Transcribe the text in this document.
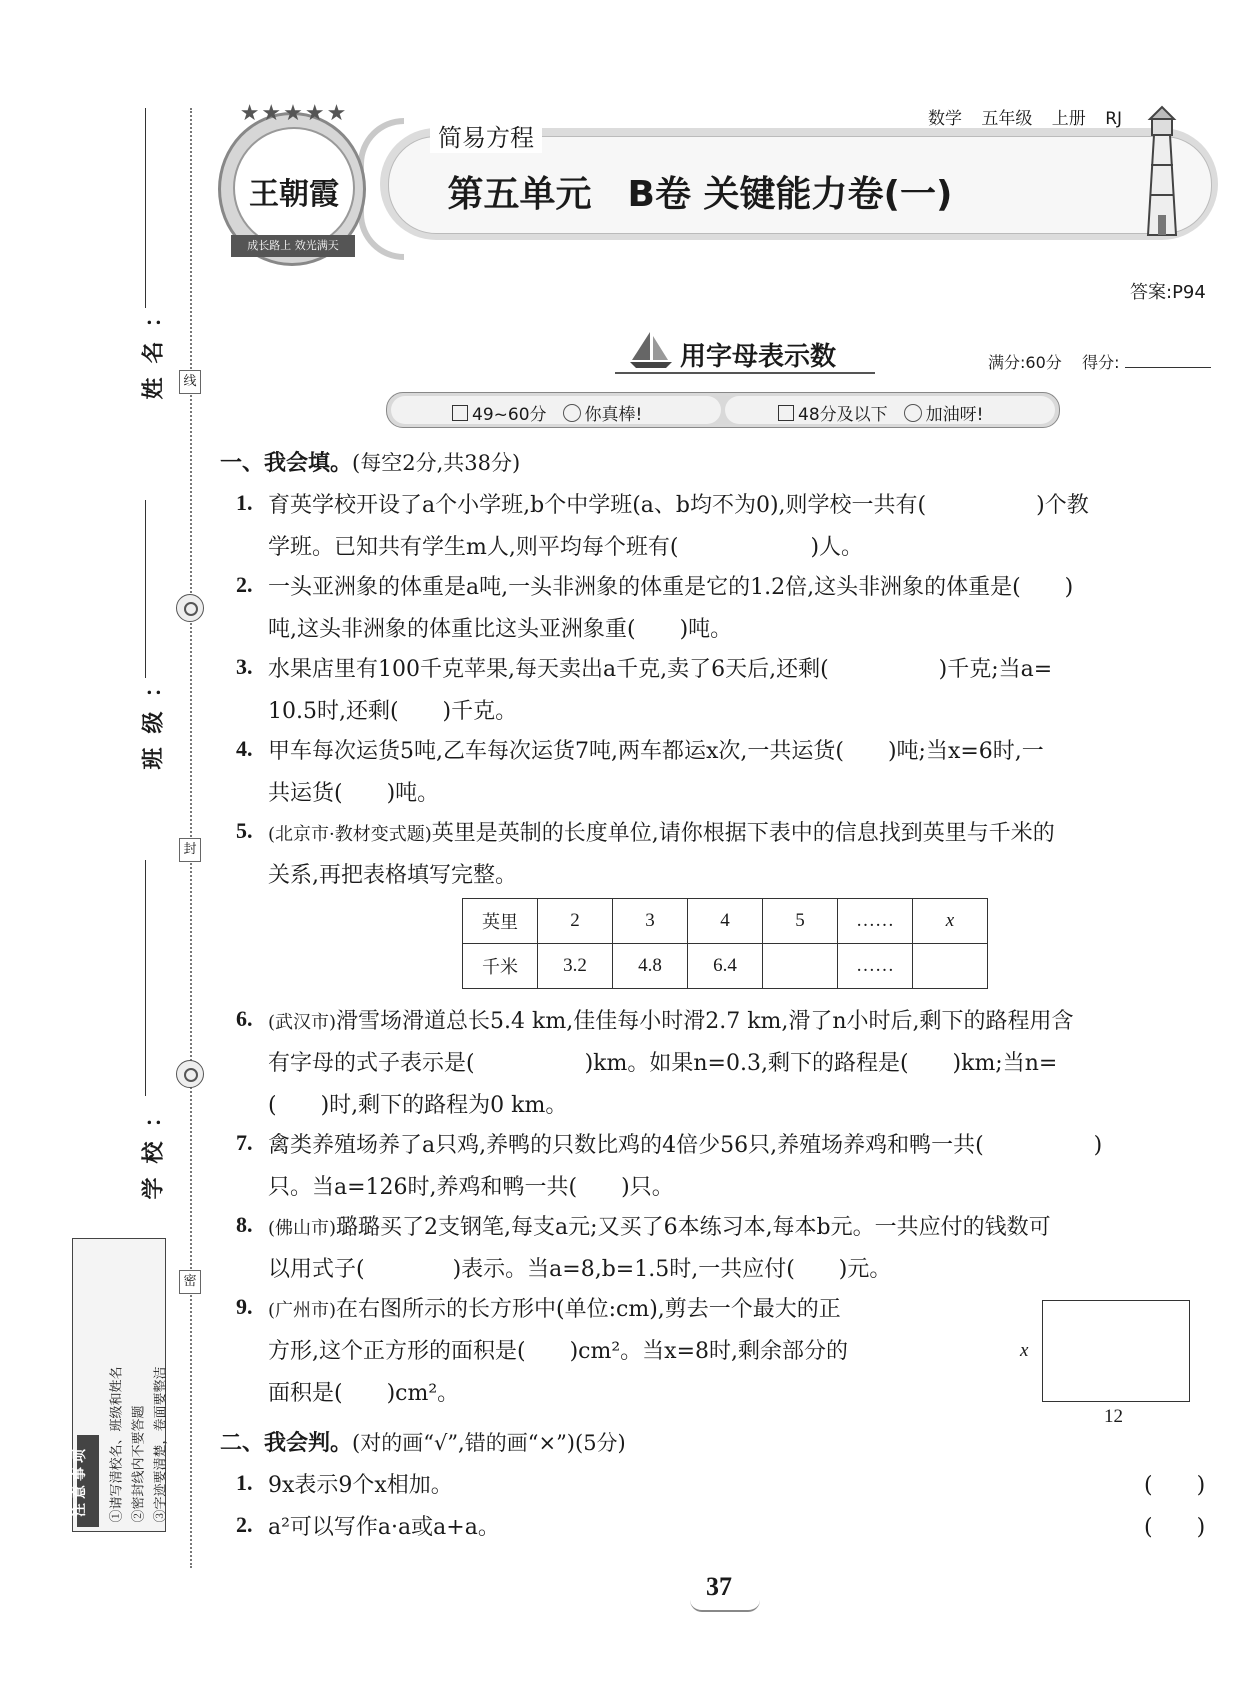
线
封
密
姓名：
班级：
学校：
注意事项	①请写清校名、班级和姓名 ②密封线内不要答题 ③字迹要清楚，卷面要整洁
简易方程
数学 五年级 上册 RJ
第五单元　B卷 关键能力卷(一)
★★★★★
王朝霞
成长路上 效光满天
答案:P94
用字母表示数	满分:60分 得分:
49~60分 你真棒!	48分及以下 加油呀!
一、我会填。(每空2分,共38分)
1. 育英学校开设了a个小学班,b个中学班(a、b均不为0),则学校一共有(　　　　　)个教
学班。已知共有学生m人,则平均每个班有(　　　　　　)人。
2. 一头亚洲象的体重是a吨,一头非洲象的体重是它的1.2倍,这头非洲象的体重是(　　)
吨,这头非洲象的体重比这头亚洲象重(　　)吨。
3. 水果店里有100千克苹果,每天卖出a千克,卖了6天后,还剩(　　　　　)千克;当a=
10.5时,还剩(　　)千克。
4. 甲车每次运货5吨,乙车每次运货7吨,两车都运x次,一共运货(　　)吨;当x=6时,一
共运货(　　)吨。
5. (北京市·教材变式题)英里是英制的长度单位,请你根据下表中的信息找到英里与千米的
关系,再把表格填写完整。
英里	2	3	4	5	……	x
千米	3.2	4.8	6.4		……	
6. (武汉市)滑雪场滑道总长5.4 km,佳佳每小时滑2.7 km,滑了n小时后,剩下的路程用含
有字母的式子表示是(　　　　　)km。如果n=0.3,剩下的路程是(　　)km;当n=
(　　)时,剩下的路程为0 km。
7. 禽类养殖场养了a只鸡,养鸭的只数比鸡的4倍少56只,养殖场养鸡和鸭一共(　　　　　)
只。当a=126时,养鸡和鸭一共(　　)只。
8. (佛山市)璐璐买了2支钢笔,每支a元;又买了6本练习本,每本b元。一共应付的钱数可
以用式子(　　　　)表示。当a=8,b=1.5时,一共应付(　　)元。
9. (广州市)在右图所示的长方形中(单位:cm),剪去一个最大的正
方形,这个正方形的面积是(　　)cm²。当x=8时,剩余部分的
面积是(　　)cm²。
x
12
二、我会判。(对的画“√”,错的画“×”)(5分)
1. 9x表示9个x相加。	(　　)
2. a²可以写作a·a或a+a。	(　　)
37
